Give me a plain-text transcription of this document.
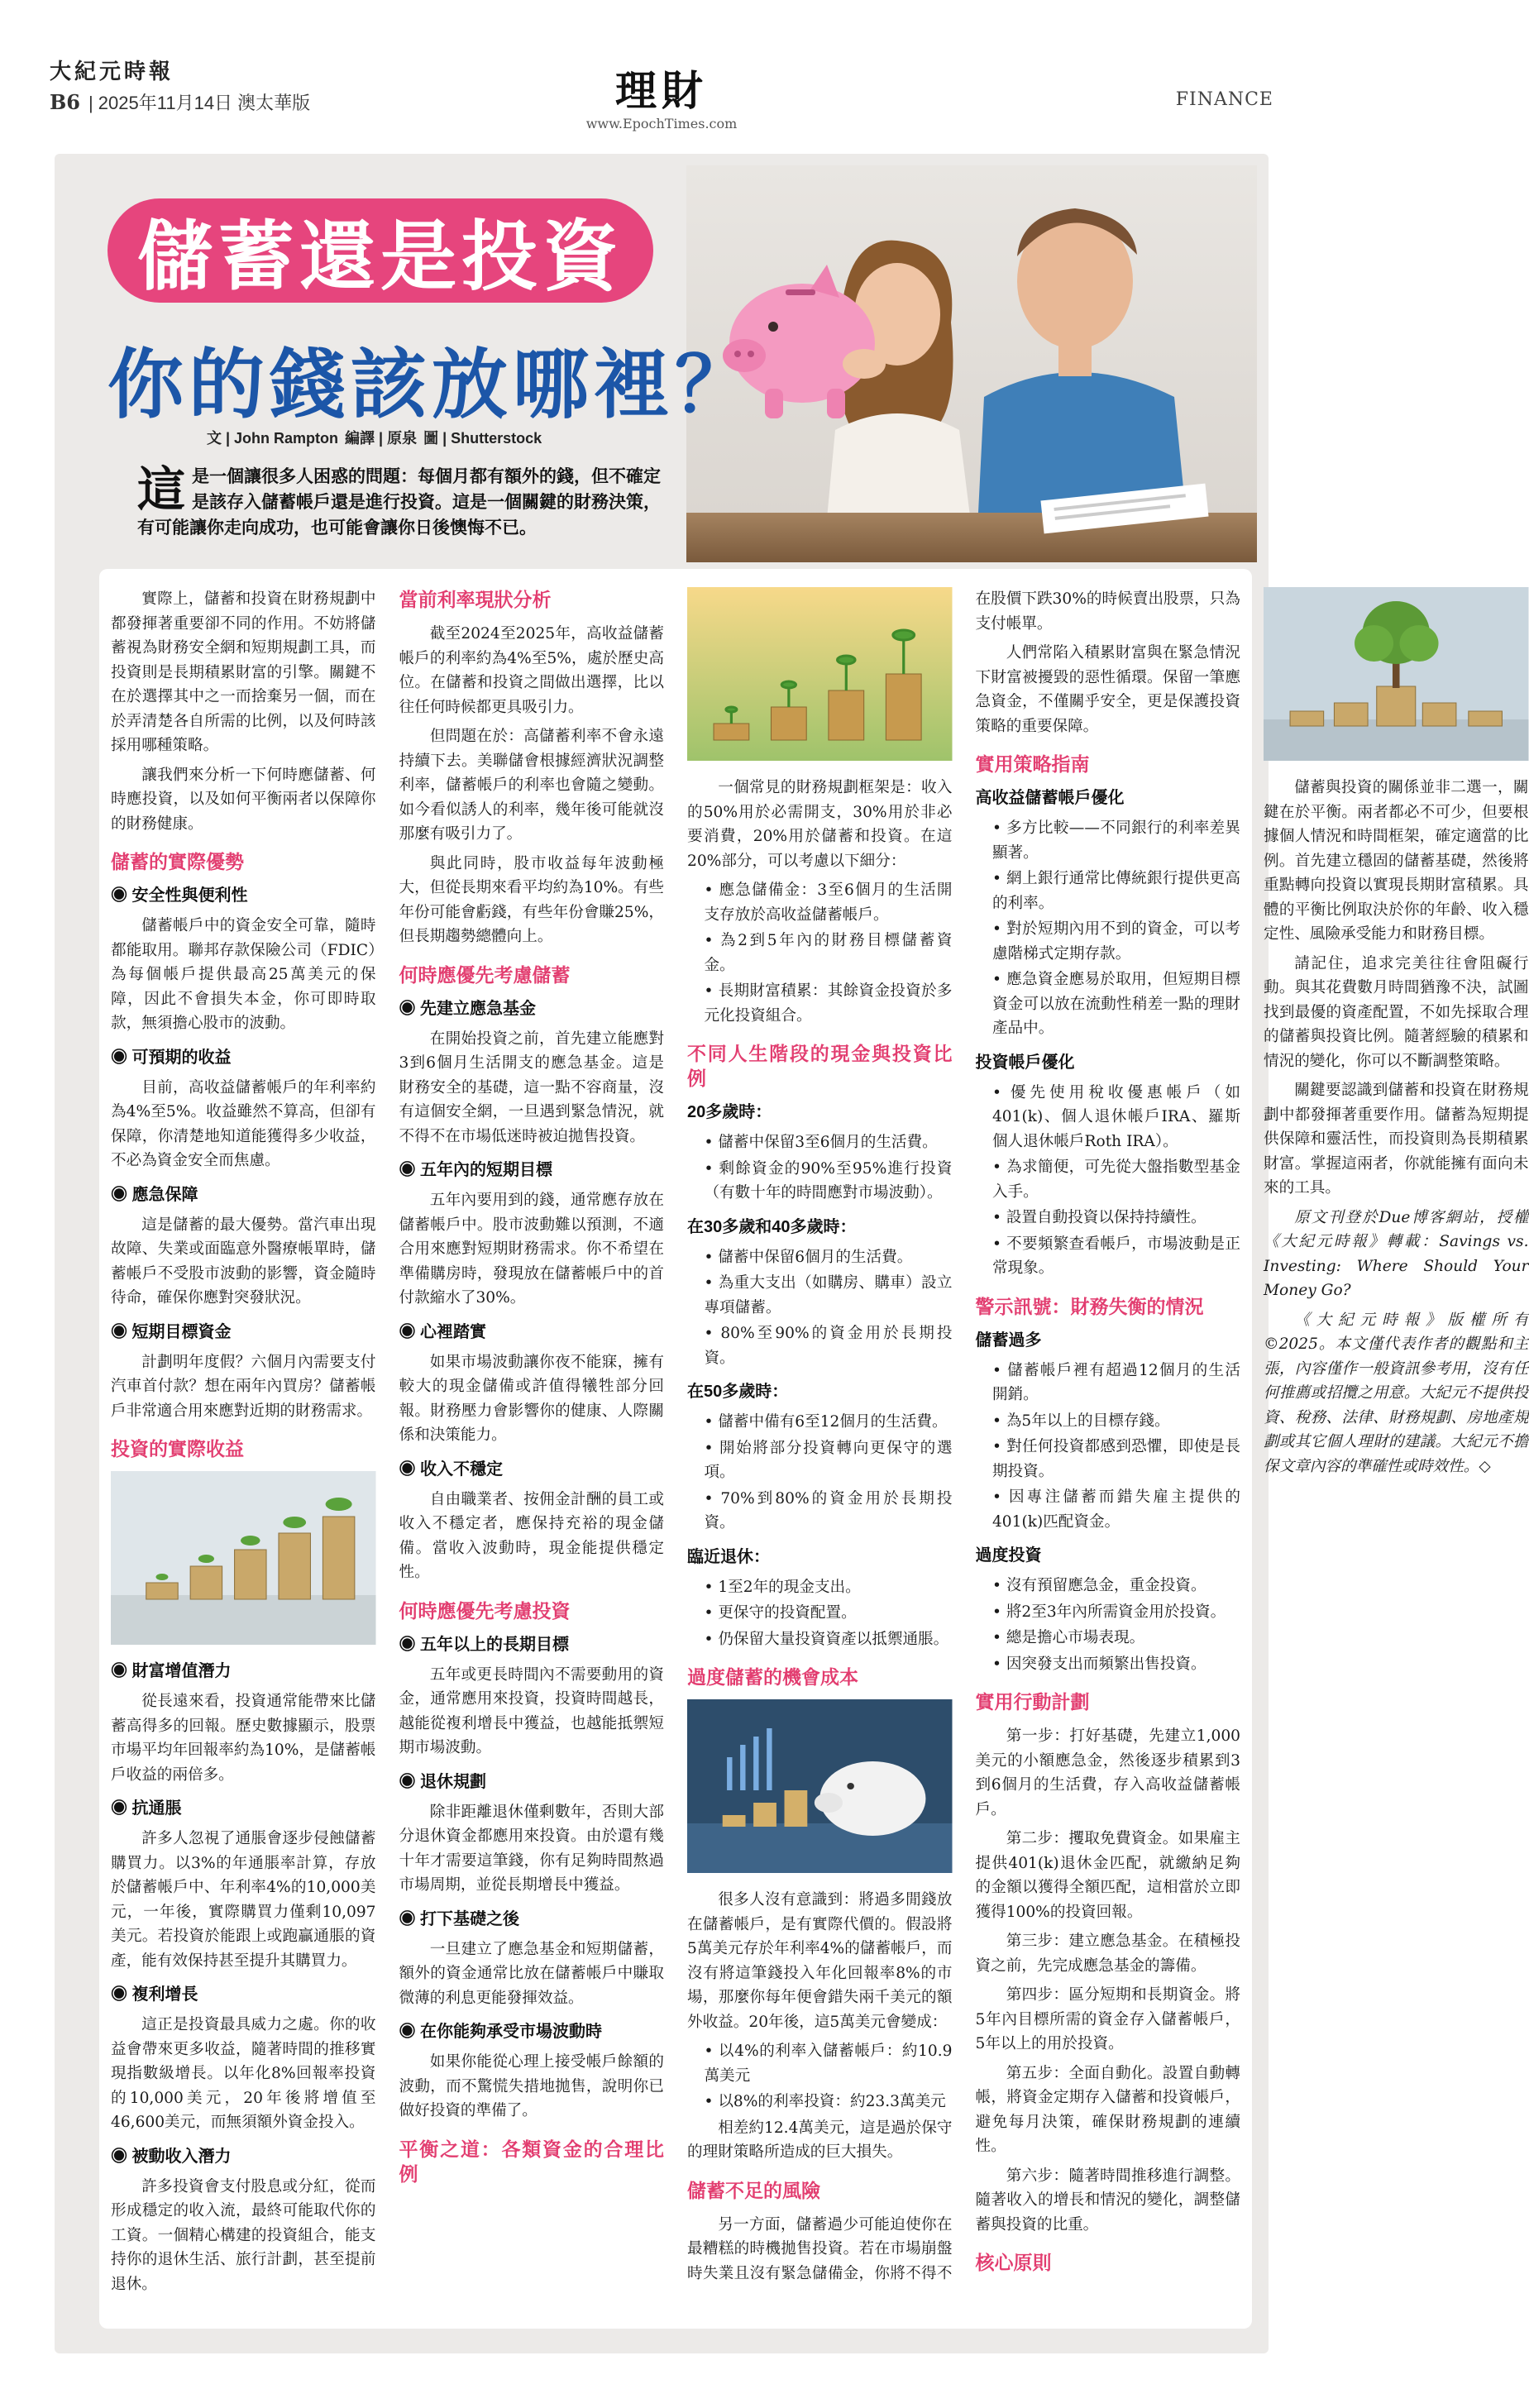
大紀元時報
B6 | 2025年11月14日 澳太華版	理財
www.EpochTimes.com
FINANCE
儲蓄還是投資
你的錢該放哪裡？
文 | John Rampton 編譯 | 原泉 圖 | Shutterstock
這是一個讓很多人困惑的問題：每個月都有額外的錢，但不確定是該存入儲蓄帳戶還是進行投資。這是一個關鍵的財務決策，有可能讓你走向成功，也可能會讓你日後懊悔不已。

實際上，儲蓄和投資在財務規劃中都發揮著重要卻不同的作用。不妨將儲蓄視為財務安全網和短期規劃工具，而投資則是長期積累財富的引擎。關鍵不在於選擇其中之一而捨棄另一個，而在於弄清楚各自所需的比例，以及何時該採用哪種策略。

讓我們來分析一下何時應儲蓄、何時應投資，以及如何平衡兩者以保障你的財務健康。

儲蓄的實際優勢
◉ 安全性與便利性

儲蓄帳戶中的資金安全可靠，隨時都能取用。聯邦存款保險公司（FDIC）為每個帳戶提供最高25萬美元的保障，因此不會損失本金，你可即時取款，無須擔心股市的波動。

◉ 可預期的收益

目前，高收益儲蓄帳戶的年利率約為4%至5%。收益雖然不算高，但卻有保障，你清楚地知道能獲得多少收益，不必為資金安全而焦慮。

◉ 應急保障

這是儲蓄的最大優勢。當汽車出現故障、失業或面臨意外醫療帳單時，儲蓄帳戶不受股市波動的影響，資金隨時待命，確保你應對突發狀況。

◉ 短期目標資金

計劃明年度假？六個月內需要支付汽車首付款？想在兩年內買房？儲蓄帳戶非常適合用來應對近期的財務需求。

投資的實際收益
◉ 財富增值潛力

從長遠來看，投資通常能帶來比儲蓄高得多的回報。歷史數據顯示，股票市場平均年回報率約為10%，是儲蓄帳戶收益的兩倍多。

◉ 抗通脹

許多人忽視了通脹會逐步侵蝕儲蓄購買力。以3%的年通脹率計算，存放於儲蓄帳戶中、年利率4%的10,000美元，一年後，實際購買力僅剩10,097美元。若投資於能跟上或跑贏通脹的資產，能有效保持甚至提升其購買力。

◉ 複利增長

這正是投資最具威力之處。你的收益會帶來更多收益，隨著時間的推移實現指數級增長。以年化8%回報率投資的10,000美元，20年後將增值至46,600美元，而無須額外資金投入。

◉ 被動收入潛力

許多投資會支付股息或分紅，從而形成穩定的收入流，最終可能取代你的工資。一個精心構建的投資組合，能支持你的退休生活、旅行計劃，甚至提前退休。

當前利率現狀分析

截至2024至2025年，高收益儲蓄帳戶的利率約為4%至5%，處於歷史高位。在儲蓄和投資之間做出選擇，比以往任何時候都更具吸引力。

但問題在於：高儲蓄利率不會永遠持續下去。美聯儲會根據經濟狀況調整利率，儲蓄帳戶的利率也會隨之變動。如今看似誘人的利率，幾年後可能就沒那麼有吸引力了。

與此同時，股市收益每年波動極大，但從長期來看平均約為10%。有些年份可能會虧錢，有些年份會賺25%，但長期趨勢總體向上。

何時應優先考慮儲蓄
◉ 先建立應急基金

在開始投資之前，首先建立能應對3到6個月生活開支的應急基金。這是財務安全的基礎，這一點不容商量，沒有這個安全網，一旦遇到緊急情況，就不得不在市場低迷時被迫拋售投資。

◉ 五年內的短期目標

五年內要用到的錢，通常應存放在儲蓄帳戶中。股市波動難以預測，不適合用來應對短期財務需求。你不希望在準備購房時，發現放在儲蓄帳戶中的首付款縮水了30%。

◉ 心裡踏實

如果市場波動讓你夜不能寐，擁有較大的現金儲備或許值得犧牲部分回報。財務壓力會影響你的健康、人際關係和決策能力。

◉ 收入不穩定

自由職業者、按佣金計酬的員工或收入不穩定者，應保持充裕的現金儲備。當收入波動時，現金能提供穩定性。

何時應優先考慮投資
◉ 五年以上的長期目標

五年或更長時間內不需要動用的資金，通常應用來投資，投資時間越長，越能從複利增長中獲益，也越能抵禦短期市場波動。

◉ 退休規劃

除非距離退休僅剩數年，否則大部分退休資金都應用來投資。由於還有幾十年才需要這筆錢，你有足夠時間熬過市場周期，並從長期增長中獲益。

◉ 打下基礎之後

一旦建立了應急基金和短期儲蓄，額外的資金通常比放在儲蓄帳戶中賺取微薄的利息更能發揮效益。

◉ 在你能夠承受市場波動時

如果你能從心理上接受帳戶餘額的波動，而不驚慌失措地拋售，說明你已做好投資的準備了。

平衡之道：各類資金的合理比例

一個常見的財務規劃框架是：收入的50%用於必需開支，30%用於非必要消費，20%用於儲蓄和投資。在這20%部分，可以考慮以下細分：

• 應急儲備金：3至6個月的生活開支存放於高收益儲蓄帳戶。

• 為2到5年內的財務目標儲蓄資金。

• 長期財富積累：其餘資金投資於多元化投資組合。

不同人生階段的現金與投資比例
20多歲時：

• 儲蓄中保留3至6個月的生活費。

• 剩餘資金的90%至95%進行投資（有數十年的時間應對市場波動）。

在30多歲和40多歲時：

• 儲蓄中保留6個月的生活費。

• 為重大支出（如購房、購車）設立專項儲蓄。

• 80%至90%的資金用於長期投資。

在50多歲時：

• 儲蓄中備有6至12個月的生活費。

• 開始將部分投資轉向更保守的選項。

• 70%到80%的資金用於長期投資。

臨近退休：

• 1至2年的現金支出。

• 更保守的投資配置。

• 仍保留大量投資資產以抵禦通脹。

過度儲蓄的機會成本

很多人沒有意識到：將過多閒錢放在儲蓄帳戶，是有實際代價的。假設將5萬美元存於年利率4%的儲蓄帳戶，而沒有將這筆錢投入年化回報率8%的市場，那麼你每年便會錯失兩千美元的額外收益。20年後，這5萬美元會變成：

• 以4%的利率入儲蓄帳戶：約10.9萬美元

• 以8%的利率投資：約23.3萬美元

相差約12.4萬美元，這是過於保守的理財策略所造成的巨大損失。

儲蓄不足的風險

另一方面，儲蓄過少可能迫使你在最糟糕的時機拋售投資。若在市場崩盤時失業且沒有緊急儲備金，你將不得不在股價下跌30%的時候賣出股票，只為支付帳單。

人們常陷入積累財富與在緊急情況下財富被擾毀的惡性循環。保留一筆應急資金，不僅關乎安全，更是保護投資策略的重要保障。

實用策略指南
高收益儲蓄帳戶優化

• 多方比較——不同銀行的利率差異顯著。

• 網上銀行通常比傳統銀行提供更高的利率。

• 對於短期內用不到的資金，可以考慮階梯式定期存款。

• 應急資金應易於取用，但短期目標資金可以放在流動性稍差一點的理財產品中。

投資帳戶優化

• 優先使用稅收優惠帳戶（如401(k)、個人退休帳戶IRA、羅斯個人退休帳戶Roth IRA）。

• 為求簡便，可先從大盤指數型基金入手。

• 設置自動投資以保持持續性。

• 不要頻繁查看帳戶，市場波動是正常現象。

警示訊號：財務失衡的情況
儲蓄過多

• 儲蓄帳戶裡有超過12個月的生活開銷。

• 為5年以上的目標存錢。

• 對任何投資都感到恐懼，即使是長期投資。

• 因專注儲蓄而錯失雇主提供的401(k)匹配資金。

過度投資

• 沒有預留應急金，重金投資。

• 將2至3年內所需資金用於投資。

• 總是擔心市場表現。

• 因突發支出而頻繁出售投資。

實用行動計劃

第一步：打好基礎，先建立1,000美元的小額應急金，然後逐步積累到3到6個月的生活費，存入高收益儲蓄帳戶。

第二步：攫取免費資金。如果雇主提供401(k)退休金匹配，就繳納足夠的金額以獲得全額匹配，這相當於立即獲得100%的投資回報。

第三步：建立應急基金。在積極投資之前，先完成應急基金的籌備。

第四步：區分短期和長期資金。將5年內目標所需的資金存入儲蓄帳戶，5年以上的用於投資。

第五步：全面自動化。設置自動轉帳，將資金定期存入儲蓄和投資帳戶，避免每月決策，確保財務規劃的連續性。

第六步：隨著時間推移進行調整。隨著收入的增長和情況的變化，調整儲蓄與投資的比重。

核心原則

儲蓄與投資的關係並非二選一，關鍵在於平衡。兩者都必不可少，但要根據個人情況和時間框架，確定適當的比例。首先建立穩固的儲蓄基礎，然後將重點轉向投資以實現長期財富積累。具體的平衡比例取決於你的年齡、收入穩定性、風險承受能力和財務目標。

請記住，追求完美往往會阻礙行動。與其花費數月時間猶豫不決，試圖找到最優的資產配置，不如先採取合理的儲蓄與投資比例。隨著經驗的積累和情況的變化，你可以不斷調整策略。

關鍵要認識到儲蓄和投資在財務規劃中都發揮著重要作用。儲蓄為短期提供保障和靈活性，而投資則為長期積累財富。掌握這兩者，你就能擁有面向未來的工具。

原文刊登於Due博客網站，授權《大紀元時報》轉載：Savings vs. Investing: Where Should Your Money Go?

《大紀元時報》版權所有©2025。本文僅代表作者的觀點和主張，內容僅作一般資訊參考用，沒有任何推薦或招攬之用意。大紀元不提供投資、稅務、法律、財務規劃、房地產規劃或其它個人理財的建議。大紀元不擔保文章內容的準確性或時效性。◇
